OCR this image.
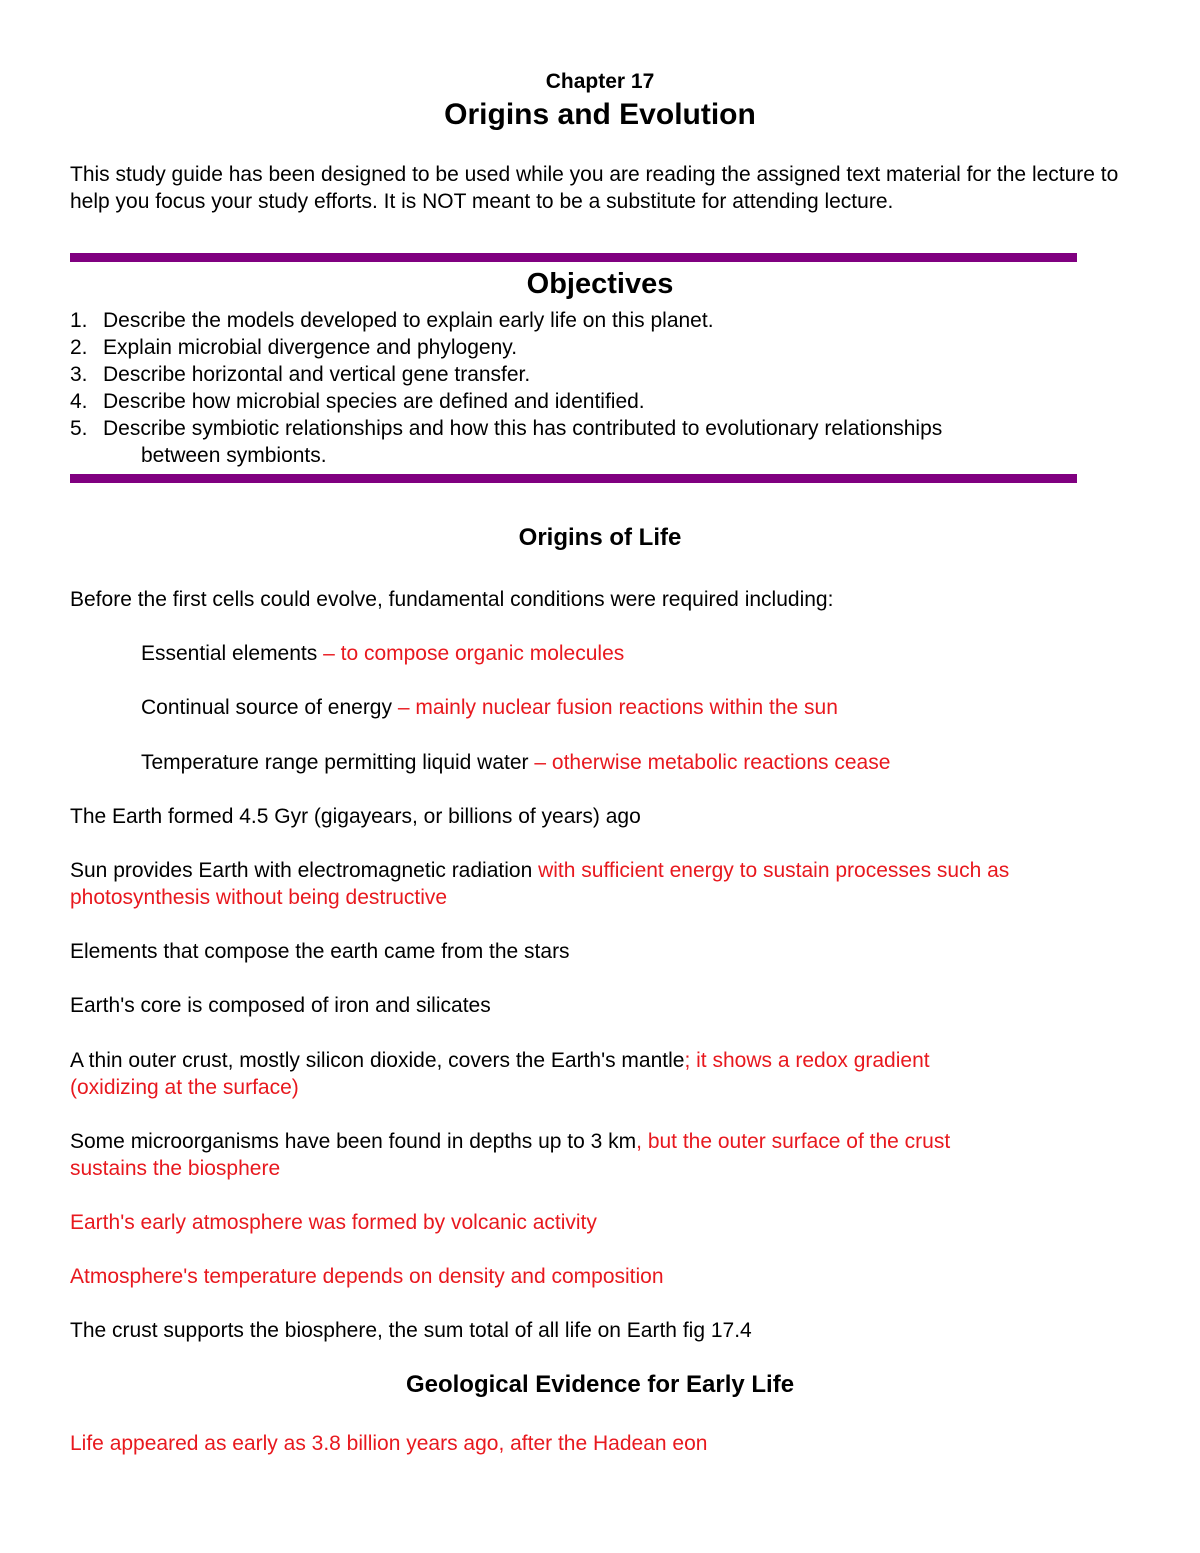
Chapter 17
Origins and Evolution
This study guide has been designed to be used while you are reading the assigned text material for the lecture to help you focus your study efforts. It is NOT meant to be a substitute for attending lecture.
Objectives
1. Describe the models developed to explain early life on this planet.
2. Explain microbial divergence and phylogeny.
3. Describe horizontal and vertical gene transfer.
4. Describe how microbial species are defined and identified.
5. Describe symbiotic relationships and how this has contributed to evolutionary relationships
between symbionts.
Origins of Life
Before the first cells could evolve, fundamental conditions were required including:
Essential elements – to compose organic molecules
Continual source of energy – mainly nuclear fusion reactions within the sun
Temperature range permitting liquid water – otherwise metabolic reactions cease
The Earth formed 4.5 Gyr (gigayears, or billions of years) ago
Sun provides Earth with electromagnetic radiation with sufficient energy to sustain processes such as
photosynthesis without being destructive
Elements that compose the earth came from the stars
Earth's core is composed of iron and silicates
A thin outer crust, mostly silicon dioxide, covers the Earth's mantle; it shows a redox gradient
(oxidizing at the surface)
Some microorganisms have been found in depths up to 3 km, but the outer surface of the crust
sustains the biosphere
Earth's early atmosphere was formed by volcanic activity
Atmosphere's temperature depends on density and composition
The crust supports the biosphere, the sum total of all life on Earth fig 17.4
Geological Evidence for Early Life
Life appeared as early as 3.8 billion years ago, after the Hadean eon
